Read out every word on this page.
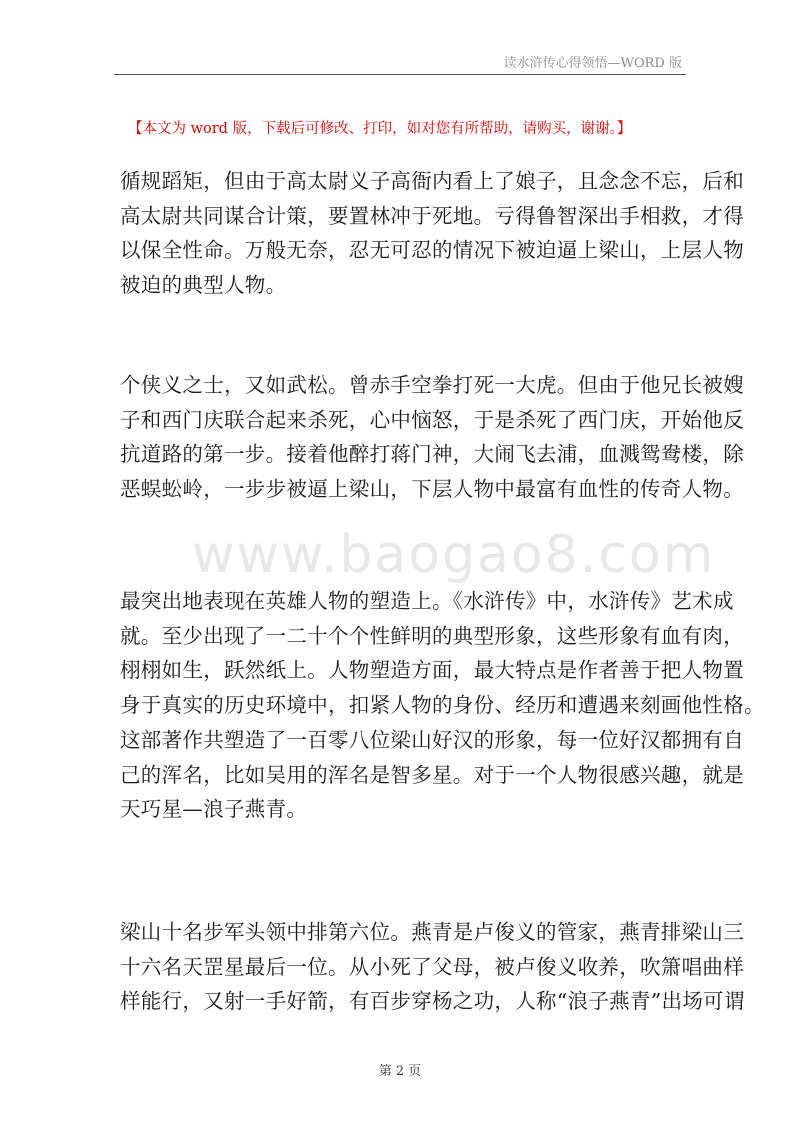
读水浒传心得领悟—WORD 版
【本文为 word 版，下载后可修改、打印，如对您有所帮助，请购买，谢谢。】
www.baogao8.com

循规蹈矩，但由于高太尉义子高衙内看上了娘子，且念念不忘，后和

高太尉共同谋合计策，要置林冲于死地。亏得鲁智深出手相救，才得

以保全性命。万般无奈，忍无可忍的情况下被迫逼上梁山，上层人物

被迫的典型人物。

个侠义之士，又如武松。曾赤手空拳打死一大虎。但由于他兄长被嫂

子和西门庆联合起来杀死，心中恼怒，于是杀死了西门庆，开始他反

抗道路的第一步。接着他醉打蒋门神，大闹飞去浦，血溅鸳鸯楼，除

恶蜈蚣岭，一步步被逼上梁山，下层人物中最富有血性的传奇人物。

最突出地表现在英雄人物的塑造上。《水浒传》中，水浒传》艺术成

就。至少出现了一二十个个性鲜明的典型形象，这些形象有血有肉，

栩栩如生，跃然纸上。人物塑造方面，最大特点是作者善于把人物置

身于真实的历史环境中，扣紧人物的身份、经历和遭遇来刻画他性格。

这部著作共塑造了一百零八位梁山好汉的形象，每一位好汉都拥有自

己的浑名，比如吴用的浑名是智多星。对于一个人物很感兴趣，就是

天巧星—浪子燕青。

梁山十名步军头领中排第六位。燕青是卢俊义的管家，燕青排梁山三

十六名天罡星最后一位。从小死了父母，被卢俊义收养，吹箫唱曲样

样能行，又射一手好箭，有百步穿杨之功，人称“浪子燕青”出场可谓

第 2 页
